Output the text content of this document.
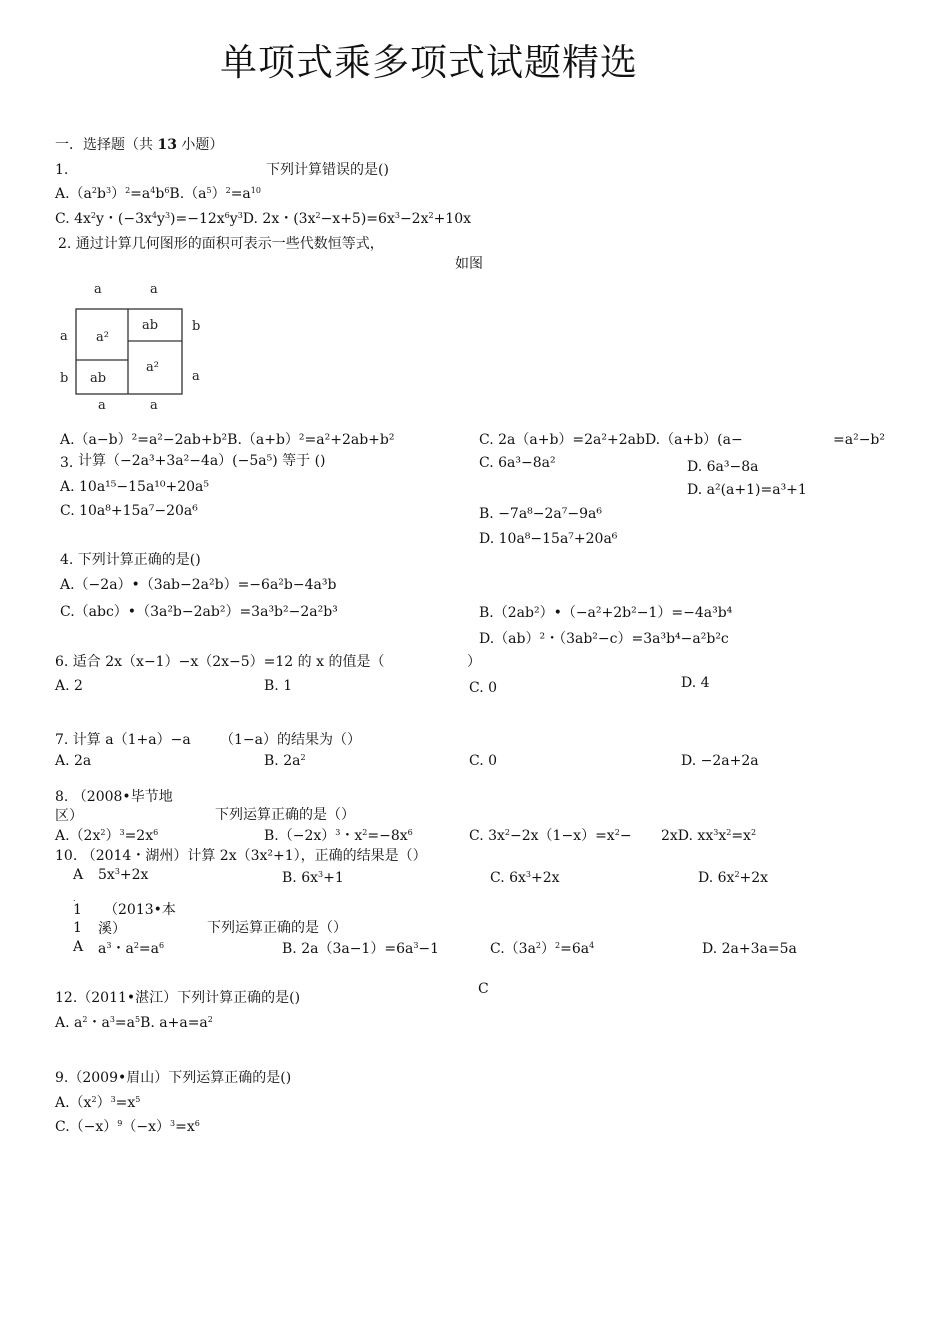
单项式乘多项式试题精选
一．选择题（共 13 小题）
1.	下列计算错误的是()
$A.(a^2b^3)^2=a^4b^6B.(a^5)^2=a^{10}$
C. $4x^2y$・$(-3x^4y^3)=-12x^6y^3D$. 2x・$(3x^2-x+5)=6x^3-2x^2+10x$
2. 通过计算几何图形的面积可表示一些代数恒等式，
如图
a	a
a
b
b
a
a	a
a²
ab
ab
a²
A.（a−b）²=a²−2ab+b²B.（a+b）²=a²+2ab+b²	C. 2a（a+b）=2a²+2abD.（a+b）(a−	=a²−b²
3. 计算（−2a³+3a²−4a）(−5a⁵) 等于 ()	C. 6a³−8a²	D. 6a³−8a
D. a²(a+1)=a³+1
A. 10a¹⁵−15a¹⁰+20a⁵
C. 10a⁸+15a⁷−20a⁶	B. −7a⁸−2a⁷−9a⁶
D. 10a⁸−15a⁷+20a⁶
4. 下列计算正确的是()
A.（−2a）•（3ab−2a²b）=−6a²b−4a³b
C.（abc）•（3a²b−2ab²）=3a³b²−2a²b³	B.（2ab²）•（−a²+2b²−1）=−4a³b⁴
D.（ab）²・（3ab²−c）=3a³b⁴−a²b²c
6. 适合 2x（x−1）−x（2x−5）=12 的 x 的值是（	）
A. 2	B. 1	C. 0	D. 4
7. 计算 a（1+a）−a （1−a）的结果为（）
A. 2a	B. $2a^2$	C. 0	D. −2a+2a
8. （2008•毕节地
区）	下列运算正确的是（）
$A.(2x^2)^3=2x^6$	$B.(-2x)^3$・$x^2=-8x^6$	C. $3x^2-2x(1-x)=x^2- 2xD$. $xx^3x^2=x^2$
10. （2014・湖州）计算 2x（3x²+1），正确的结果是（）
A $5x^3+2x$	B. $6x^3+1$	C. $6x^3+2x$	D. $6x^2+2x$
.
1 （2013•本
1 溪）	下列运算正确的是（）
A $a^3$・$a^2=a^6$	B. $2a(3a-1)=6a^3-1$	$C.(3a^2)^2=6a^4$	D. 2a+3a=5a
C
12.（2011•湛江）下列计算正确的是()
A. $a^2$・$a^3=a^5B$. $a+a=a^2$
9.（2009•眉山）下列运算正确的是()
$A.(x^2)^3=x^5$
$C.(-x)^9(-x)^3=x^6$
